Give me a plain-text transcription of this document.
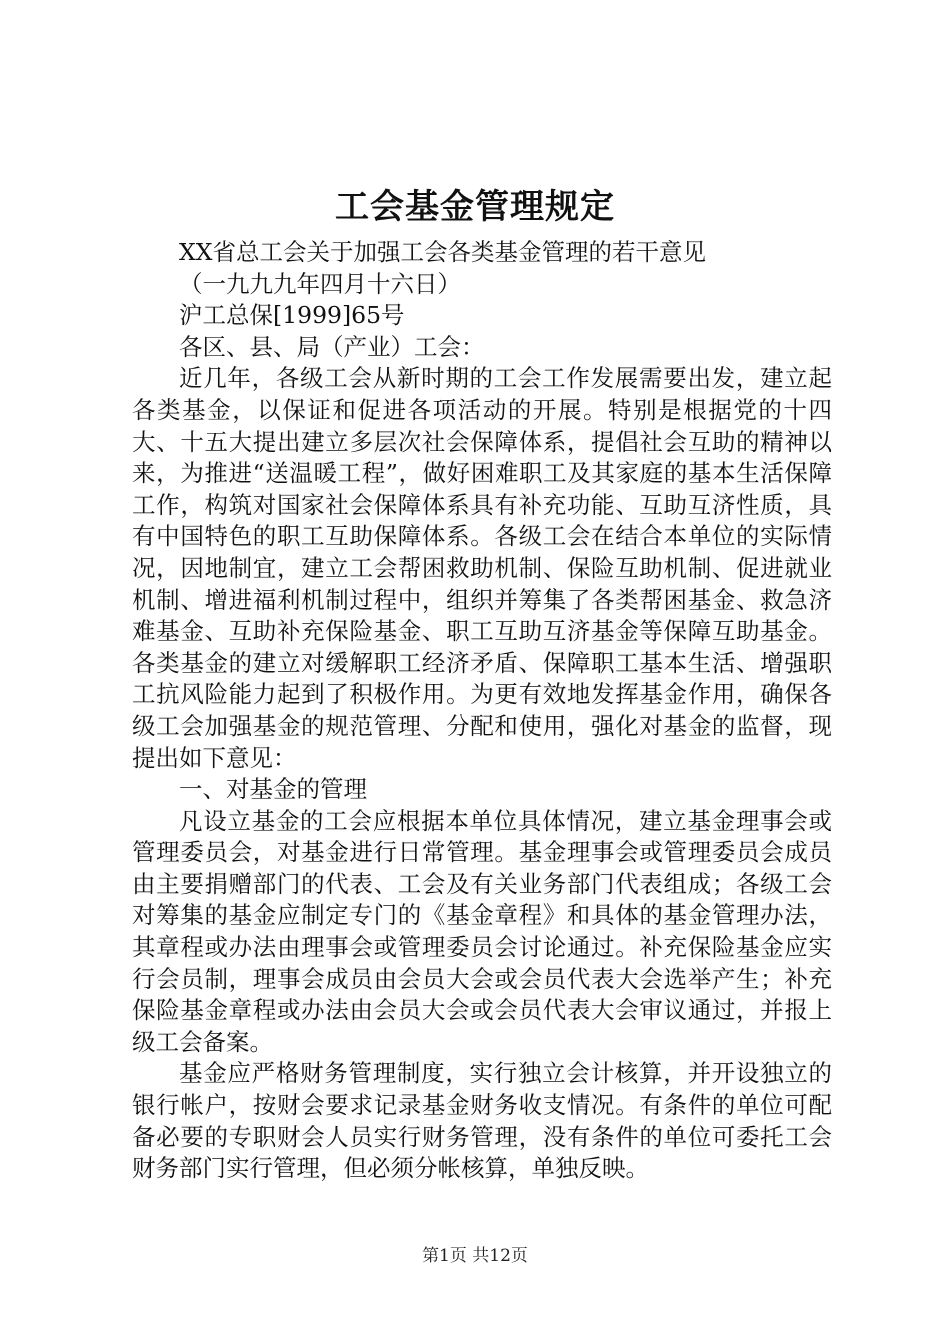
工会基金管理规定

XX省总工会关于加强工会各类基金管理的若干意见

（一九九九年四月十六日）

沪工总保[1999]65号

各区、县、局（产业）工会：

近几年，各级工会从新时期的工会工作发展需要出发，建立起各类基金，以保证和促进各项活动的开展。特别是根据党的十四大、十五大提出建立多层次社会保障体系，提倡社会互助的精神以来，为推进“送温暖工程”，做好困难职工及其家庭的基本生活保障工作，构筑对国家社会保障体系具有补充功能、互助互济性质，具有中国特色的职工互助保障体系。各级工会在结合本单位的实际情况，因地制宜，建立工会帮困救助机制、保险互助机制、促进就业机制、增进福利机制过程中，组织并筹集了各类帮困基金、救急济难基金、互助补充保险基金、职工互助互济基金等保障互助基金。各类基金的建立对缓解职工经济矛盾、保障职工基本生活、增强职工抗风险能力起到了积极作用。为更有效地发挥基金作用，确保各级工会加强基金的规范管理、分配和使用，强化对基金的监督，现提出如下意见：

一、对基金的管理

凡设立基金的工会应根据本单位具体情况，建立基金理事会或管理委员会，对基金进行日常管理。基金理事会或管理委员会成员由主要捐赠部门的代表、工会及有关业务部门代表组成；各级工会对筹集的基金应制定专门的《基金章程》和具体的基金管理办法，其章程或办法由理事会或管理委员会讨论通过。补充保险基金应实行会员制，理事会成员由会员大会或会员代表大会选举产生；补充保险基金章程或办法由会员大会或会员代表大会审议通过，并报上级工会备案。

基金应严格财务管理制度，实行独立会计核算，并开设独立的银行帐户，按财会要求记录基金财务收支情况。有条件的单位可配备必要的专职财会人员实行财务管理，没有条件的单位可委托工会财务部门实行管理，但必须分帐核算，单独反映。

第1页 共12页
